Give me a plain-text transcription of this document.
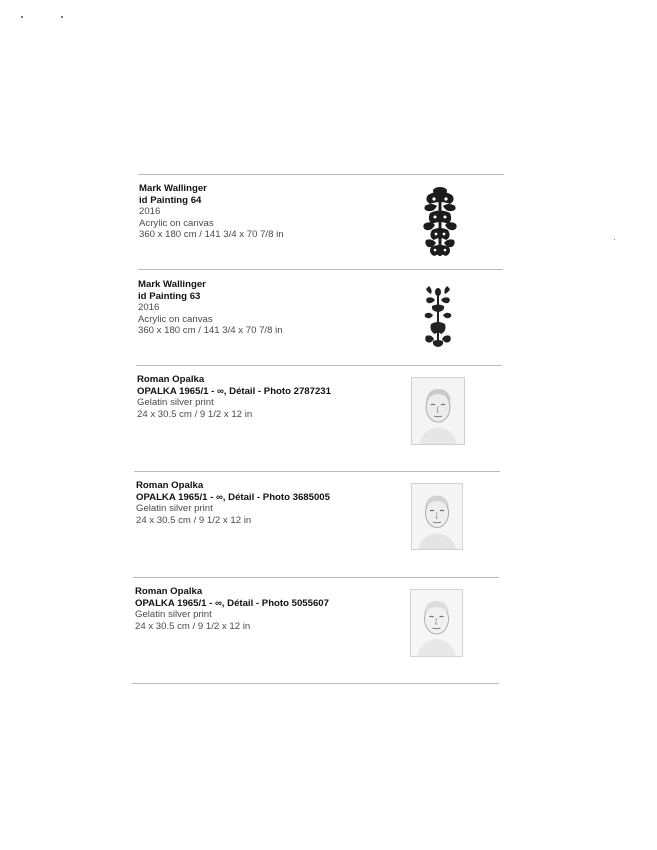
Mark Wallinger
id Painting 64
2016
Acrylic on canvas
360 x 180 cm / 141 3/4 x 70 7/8 in
Mark Wallinger
id Painting 63
2016
Acrylic on canvas
360 x 180 cm / 141 3/4 x 70 7/8 in
Roman Opalka
OPALKA 1965/1 - ∞, Détail - Photo 2787231
Gelatin silver print
24 x 30.5 cm / 9 1/2 x 12 in
Roman Opalka
OPALKA 1965/1 - ∞, Détail - Photo 3685005
Gelatin silver print
24 x 30.5 cm / 9 1/2 x 12 in
Roman Opalka
OPALKA 1965/1 - ∞, Détail - Photo 5055607
Gelatin silver print
24 x 30.5 cm / 9 1/2 x 12 in
